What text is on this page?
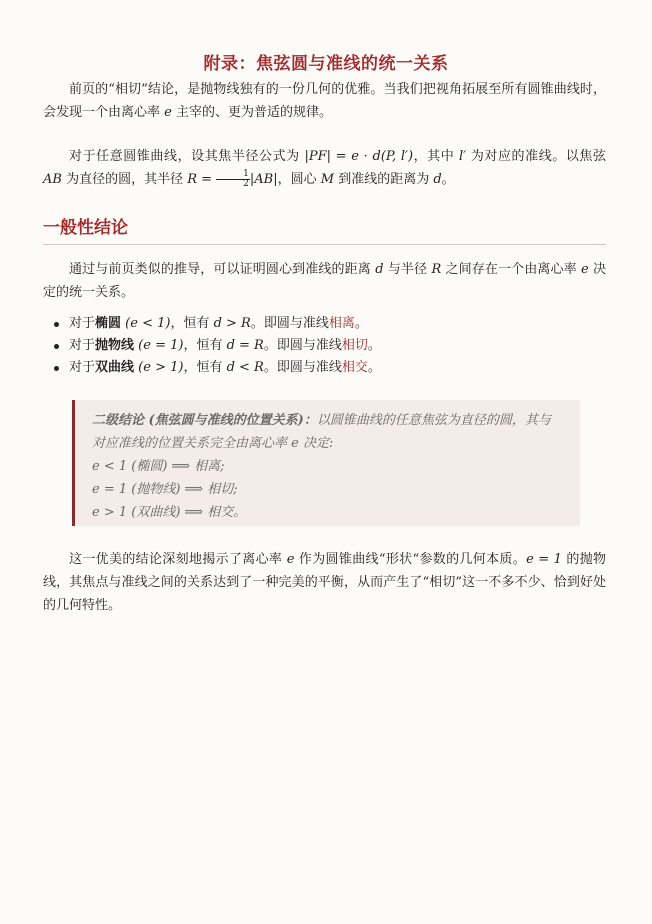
附录：焦弦圆与准线的统一关系

前页的“相切”结论，是抛物线独有的一份几何的优雅。当我们把视角拓展至所有圆锥曲线时，会发现一个由离心率 e 主宰的、更为普适的规律。

对于任意圆锥曲线，设其焦半径公式为 |PF| = e · d(P, l′)，其中 l′ 为对应的准线。以焦弦 AB 为直径的圆，其半径 $R = \frac{1}{2} |AB|$，圆心 M 到准线的距离为 d。

一般性结论

通过与前页类似的推导，可以证明圆心到准线的距离 d 与半径 R 之间存在一个由离心率 e 决定的统一关系。

对于椭圆 (e < 1)，恒有 d > R。即圆与准线相离。
对于抛物线 (e = 1)，恒有 d = R。即圆与准线相切。
对于双曲线 (e > 1)，恒有 d < R。即圆与准线相交。
二级结论 (焦弦圆与准线的位置关系)：以圆锥曲线的任意焦弦为直径的圆，其与对应准线的位置关系完全由离心率 e 决定:
e < 1 (椭圆) ⟹ 相离;
e = 1 (抛物线) ⟹ 相切;
e > 1 (双曲线) ⟹ 相交。

这一优美的结论深刻地揭示了离心率 e 作为圆锥曲线“形状“参数的几何本质。e = 1 的抛物线，其焦点与准线之间的关系达到了一种完美的平衡，从而产生了“相切”这一不多不少、恰到好处的几何特性。
